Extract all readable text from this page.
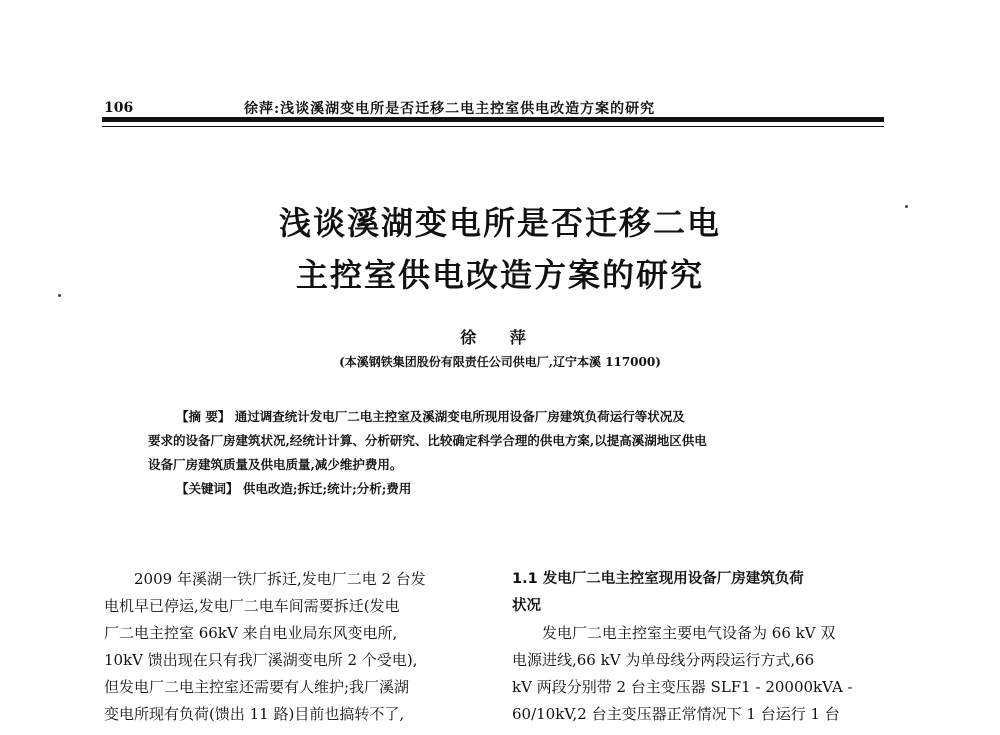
106	徐萍:浅谈溪湖变电所是否迁移二电主控室供电改造方案的研究
浅谈溪湖变电所是否迁移二电
主控室供电改造方案的研究
徐 萍
(本溪钢铁集团股份有限责任公司供电厂,辽宁本溪 117000)

【摘 要】 通过调查统计发电厂二电主控室及溪湖变电所现用设备厂房建筑负荷运行等状况及

要求的设备厂房建筑状况,经统计计算、分析研究、比较确定科学合理的供电方案,以提高溪湖地区供电

设备厂房建筑质量及供电质量,减少维护费用。

【关键词】 供电改造;拆迁;统计;分析;费用

2009 年溪湖一铁厂拆迁,发电厂二电 2 台发

电机早已停运,发电厂二电车间需要拆迁(发电

厂二电主控室 66kV 来自电业局东风变电所,

10kV 馈出现在只有我厂溪湖变电所 2 个受电),

但发电厂二电主控室还需要有人维护;我厂溪湖

变电所现有负荷(馈出 11 路)目前也搞转不了,

1.1 发电厂二电主控室现用设备厂房建筑负荷

状况

发电厂二电主控室主要电气设备为 66 kV 双

电源进线,66 kV 为单母线分两段运行方式,66

kV 两段分别带 2 台主变压器 SLF1 - 20000kVA -

60/10kV,2 台主变压器正常情况下 1 台运行 1 台
